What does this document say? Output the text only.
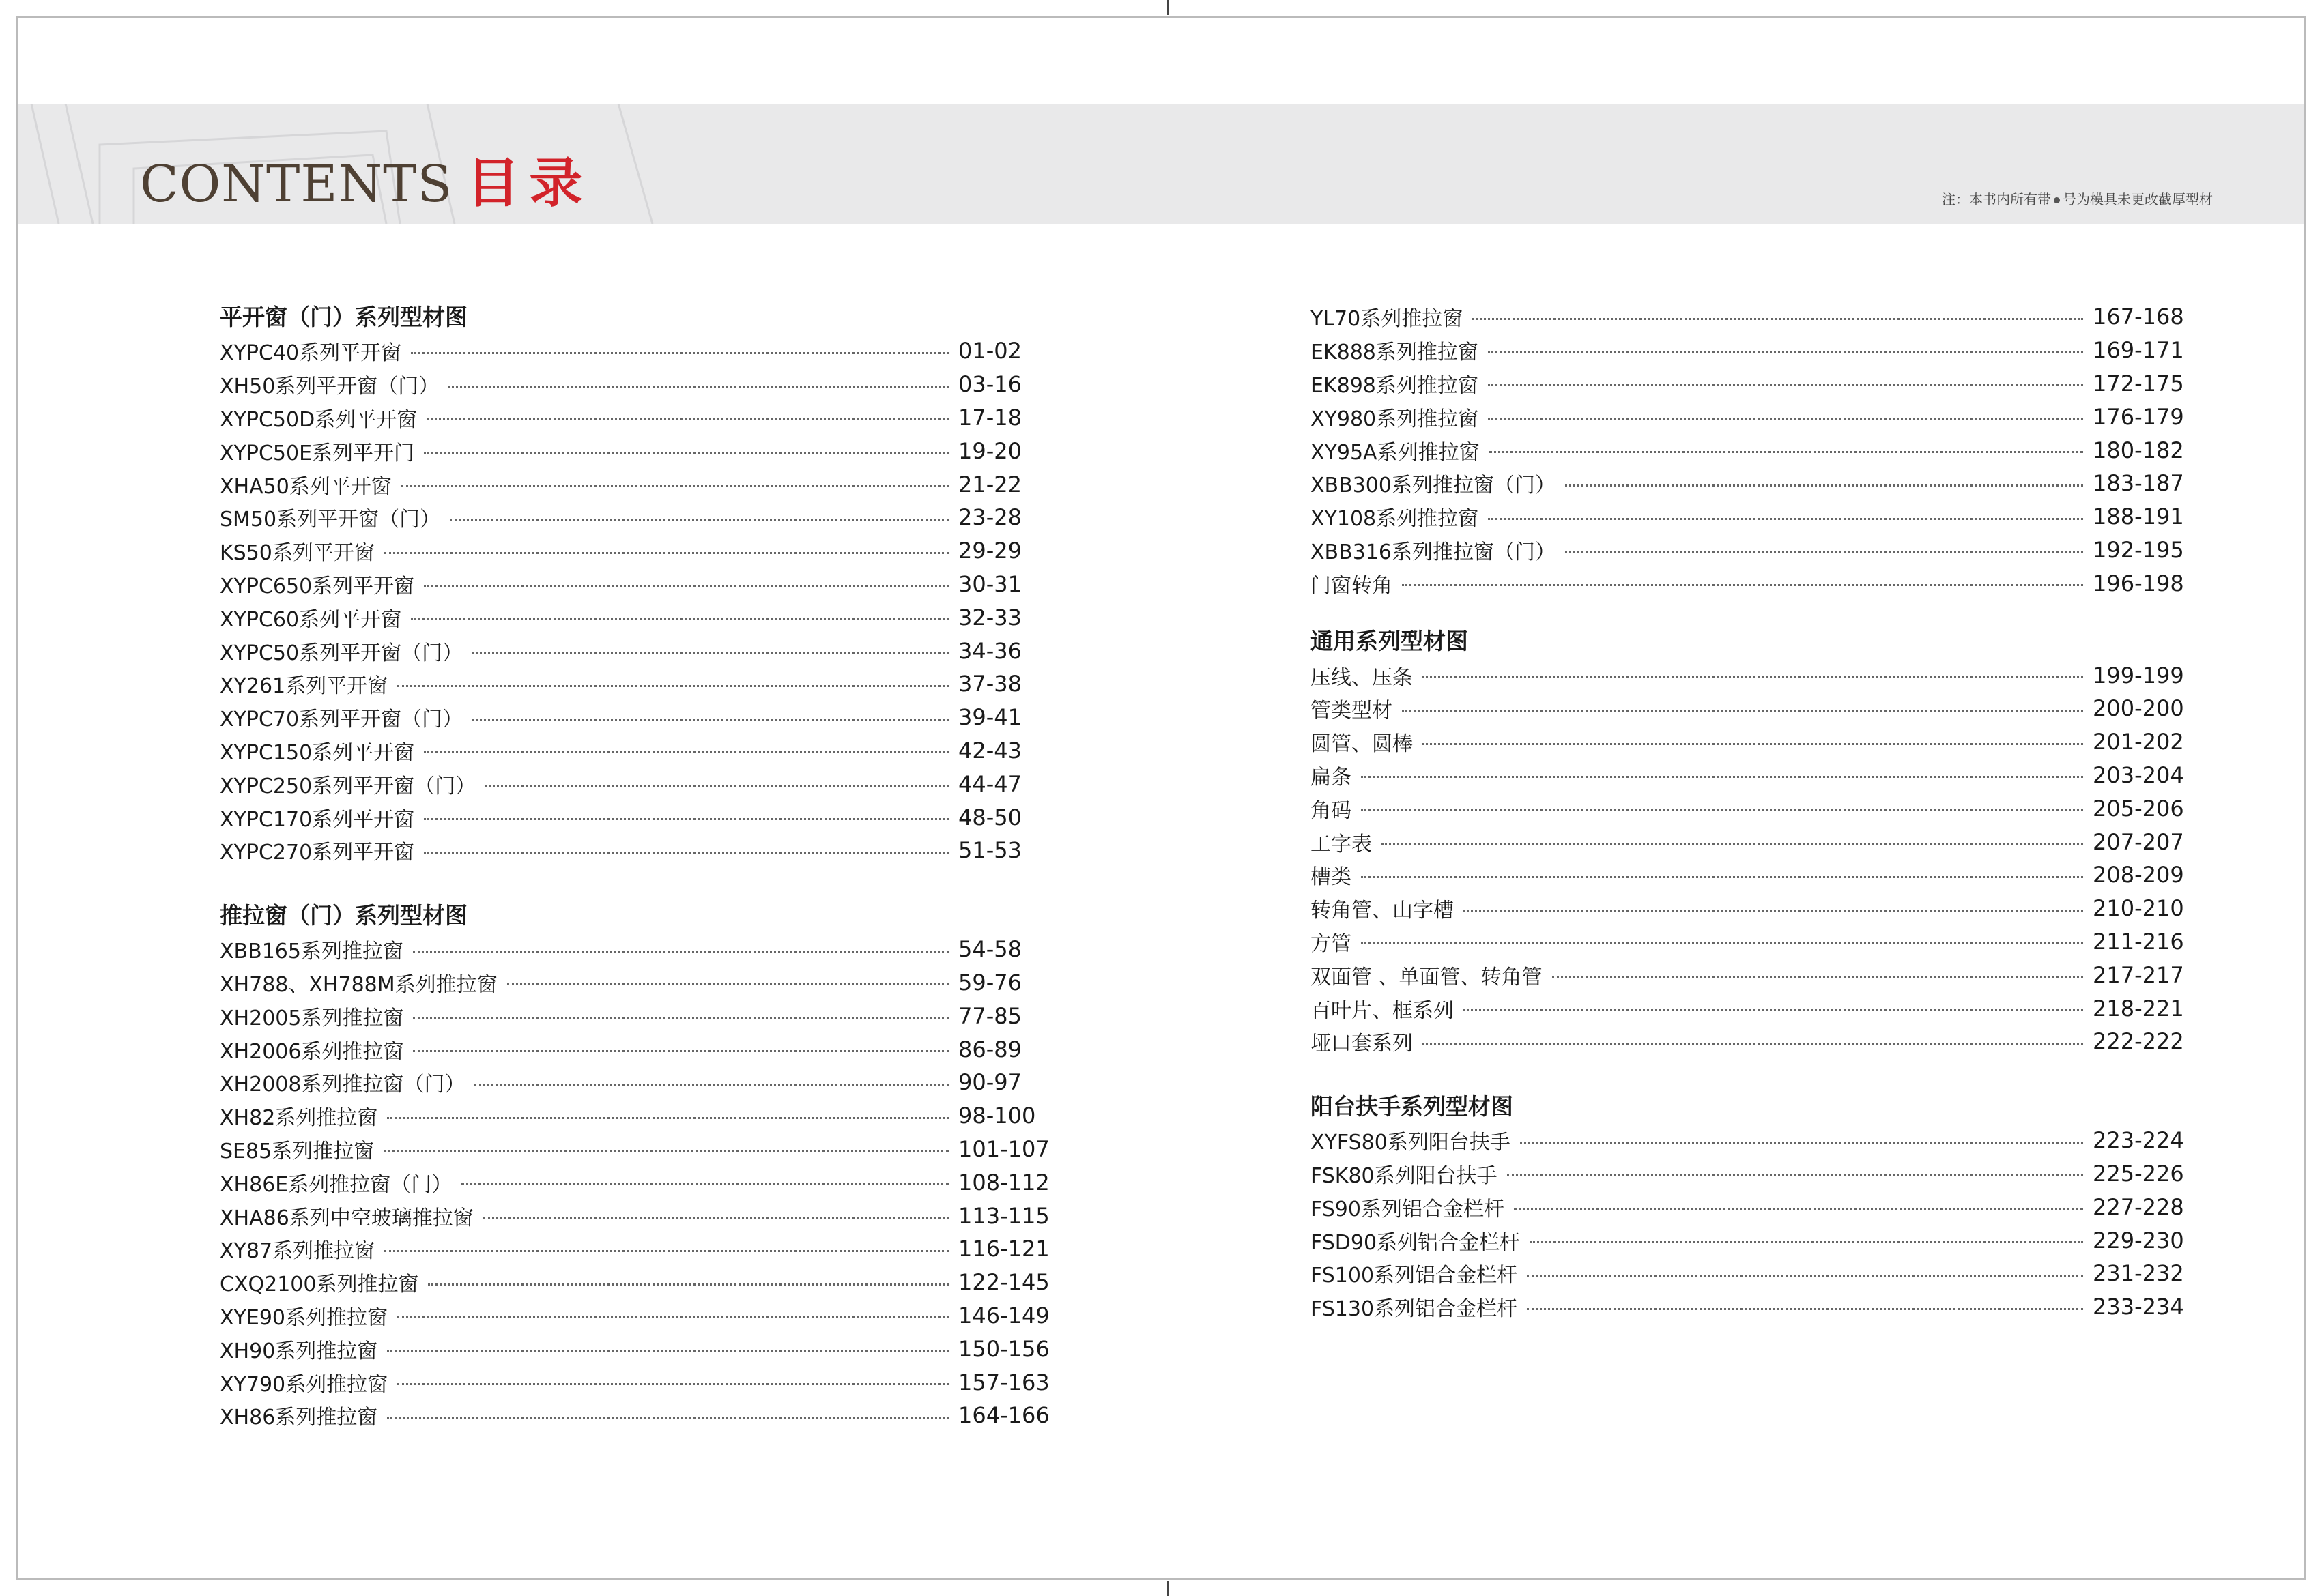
CONTENTS 目录	注：本书内所有带 号为模具未更改截厚型材
平开窗（门）系列型材图
XYPC40系列平开窗	01-02
XH50系列平开窗（门）	03-16
XYPC50D系列平开窗	17-18
XYPC50E系列平开门	19-20
XHA50系列平开窗	21-22
SM50系列平开窗（门）	23-28
KS50系列平开窗	29-29
XYPC650系列平开窗	30-31
XYPC60系列平开窗	32-33
XYPC50系列平开窗（门）	34-36
XY261系列平开窗	37-38
XYPC70系列平开窗（门）	39-41
XYPC150系列平开窗	42-43
XYPC250系列平开窗（门）	44-47
XYPC170系列平开窗	48-50
XYPC270系列平开窗	51-53
推拉窗（门）系列型材图
XBB165系列推拉窗	54-58
XH788、XH788M系列推拉窗	59-76
XH2005系列推拉窗	77-85
XH2006系列推拉窗	86-89
XH2008系列推拉窗（门）	90-97
XH82系列推拉窗	98-100
SE85系列推拉窗	101-107
XH86E系列推拉窗（门）	108-112
XHA86系列中空玻璃推拉窗	113-115
XY87系列推拉窗	116-121
CXQ2100系列推拉窗	122-145
XYE90系列推拉窗	146-149
XH90系列推拉窗	150-156
XY790系列推拉窗	157-163
XH86系列推拉窗	164-166
YL70系列推拉窗	167-168
EK888系列推拉窗	169-171
EK898系列推拉窗	172-175
XY980系列推拉窗	176-179
XY95A系列推拉窗	180-182
XBB300系列推拉窗（门）	183-187
XY108系列推拉窗	188-191
XBB316系列推拉窗（门）	192-195
门窗转角	196-198
通用系列型材图
压线、压条	199-199
管类型材	200-200
圆管、圆棒	201-202
扁条	203-204
角码	205-206
工字表	207-207
槽类	208-209
转角管、山字槽	210-210
方管	211-216
双面管 、单面管、转角管	217-217
百叶片、框系列	218-221
垭口套系列	222-222
阳台扶手系列型材图
XYFS80系列阳台扶手	223-224
FSK80系列阳台扶手	225-226
FS90系列铝合金栏杆	227-228
FSD90系列铝合金栏杆	229-230
FS100系列铝合金栏杆	231-232
FS130系列铝合金栏杆	233-234
